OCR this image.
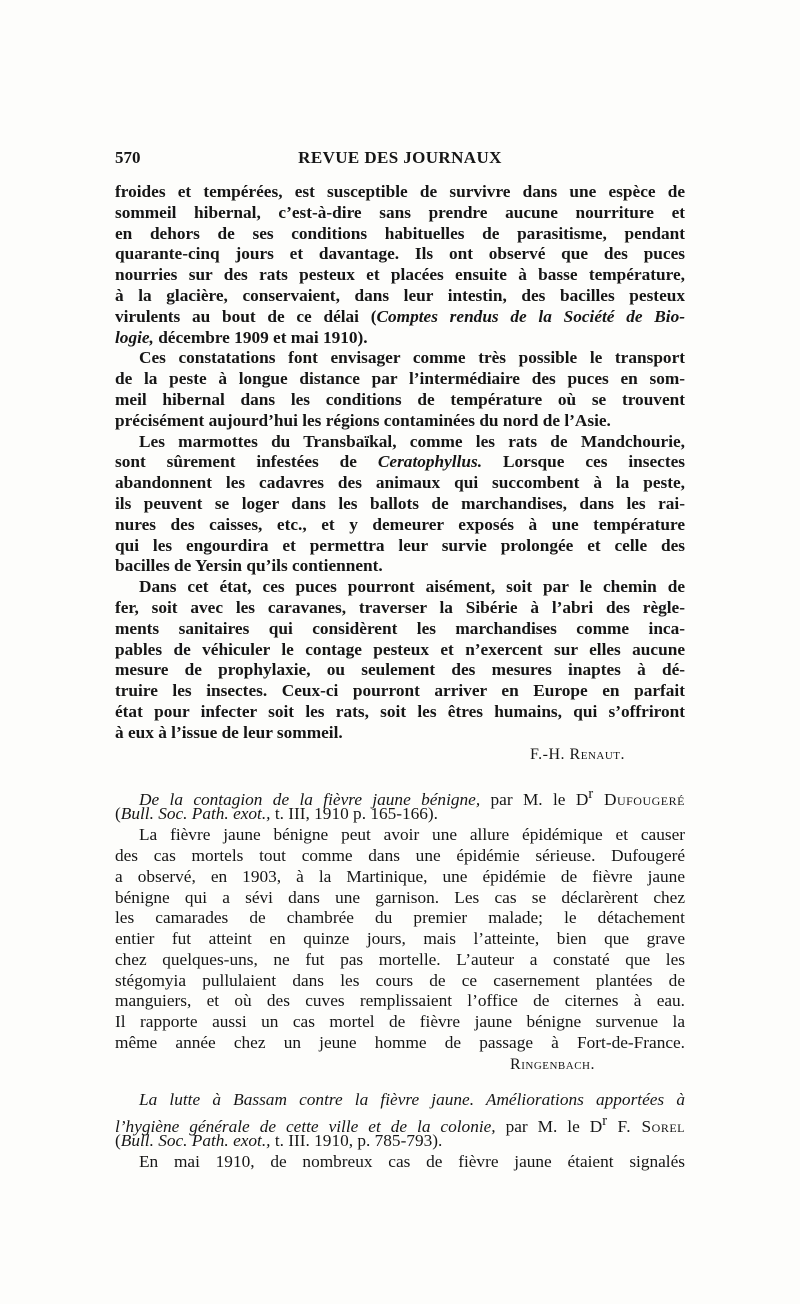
570	REVUE DES JOURNAUX
froides et tempérées, est susceptible de survivre dans une espèce de
sommeil hibernal, c’est-à-dire sans prendre aucune nourriture et
en dehors de ses conditions habituelles de parasitisme, pendant
quarante-cinq jours et davantage. Ils ont observé que des puces
nourries sur des rats pesteux et placées ensuite à basse température,
à la glacière, conservaient, dans leur intestin, des bacilles pesteux
virulents au bout de ce délai (Comptes rendus de la Société de Bio-
logie, décembre 1909 et mai 1910).
Ces constatations font envisager comme très possible le transport
de la peste à longue distance par l’intermédiaire des puces en som-
meil hibernal dans les conditions de température où se trouvent
précisément aujourd’hui les régions contaminées du nord de l’Asie.
Les marmottes du Transbaïkal, comme les rats de Mandchourie,
sont sûrement infestées de Ceratophyllus. Lorsque ces insectes
abandonnent les cadavres des animaux qui succombent à la peste,
ils peuvent se loger dans les ballots de marchandises, dans les rai-
nures des caisses, etc., et y demeurer exposés à une température
qui les engourdira et permettra leur survie prolongée et celle des
bacilles de Yersin qu’ils contiennent.
Dans cet état, ces puces pourront aisément, soit par le chemin de
fer, soit avec les caravanes, traverser la Sibérie à l’abri des règle-
ments sanitaires qui considèrent les marchandises comme inca-
pables de véhiculer le contage pesteux et n’exercent sur elles aucune
mesure de prophylaxie, ou seulement des mesures inaptes à dé-
truire les insectes. Ceux-ci pourront arriver en Europe en parfait
état pour infecter soit les rats, soit les êtres humains, qui s’offriront
à eux à l’issue de leur sommeil.
F.-H. Renaut.
De la contagion de la fièvre jaune bénigne, par M. le $D^r$ Dufougeré
(Bull. Soc. Path. exot., t. III, 1910 p. 165-166).
La fièvre jaune bénigne peut avoir une allure épidémique et causer
des cas mortels tout comme dans une épidémie sérieuse. Dufougeré
a observé, en 1903, à la Martinique, une épidémie de fièvre jaune
bénigne qui a sévi dans une garnison. Les cas se déclarèrent chez
les camarades de chambrée du premier malade; le détachement
entier fut atteint en quinze jours, mais l’atteinte, bien que grave
chez quelques-uns, ne fut pas mortelle. L’auteur a constaté que les
stégomyia pullulaient dans les cours de ce casernement plantées de
manguiers, et où des cuves remplissaient l’office de citernes à eau.
Il rapporte aussi un cas mortel de fièvre jaune bénigne survenue la
même année chez un jeune homme de passage à Fort-de-France.
Ringenbach.
La lutte à Bassam contre la fièvre jaune. Améliorations apportées à
l’hygiène générale de cette ville et de la colonie, par M. le $D^r$ F. Sorel
(Bull. Soc. Path. exot., t. III. 1910, p. 785-793).
En mai 1910, de nombreux cas de fièvre jaune étaient signalés
